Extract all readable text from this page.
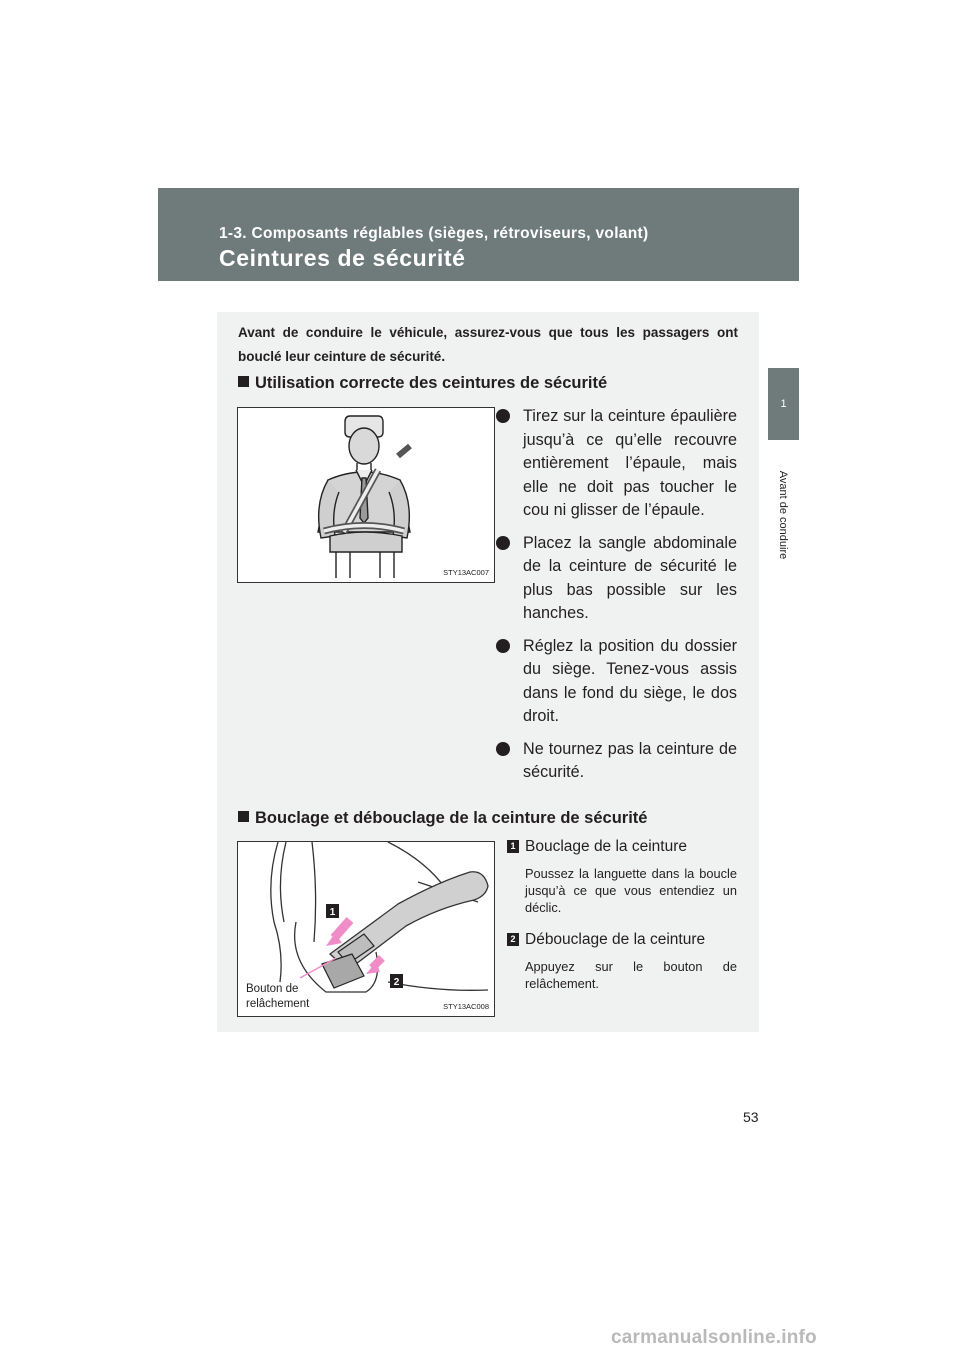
1-3. Composants réglables (sièges, rétroviseurs, volant)
Ceintures de sécurité
1
Avant de conduire
Avant de conduire le véhicule, assurez-vous que tous les passagers ont bouclé leur ceinture de sécurité.
Utilisation correcte des ceintures de sécurité
STY13AC007
Tirez sur la ceinture épaulière jusqu’à ce qu’elle recouvre entièrement l’épaule, mais elle ne doit pas toucher le cou ni glisser de l’épaule.
Placez la sangle abdominale de la ceinture de sécurité le plus bas possible sur les hanches.
Réglez la position du dossier du siège. Tenez-vous assis dans le fond du siège, le dos droit.
Ne tournez pas la ceinture de sécurité.
Bouclage et débouclage de la ceinture de sécurité
1
2
Bouton de
relâchement	STY13AC008
1 Bouclage de la ceinture
Poussez la languette dans la boucle jusqu’à ce que vous entendiez un déclic.
2 Débouclage de la ceinture
Appuyez sur le bouton de relâchement.
53
carmanualsonline.info
